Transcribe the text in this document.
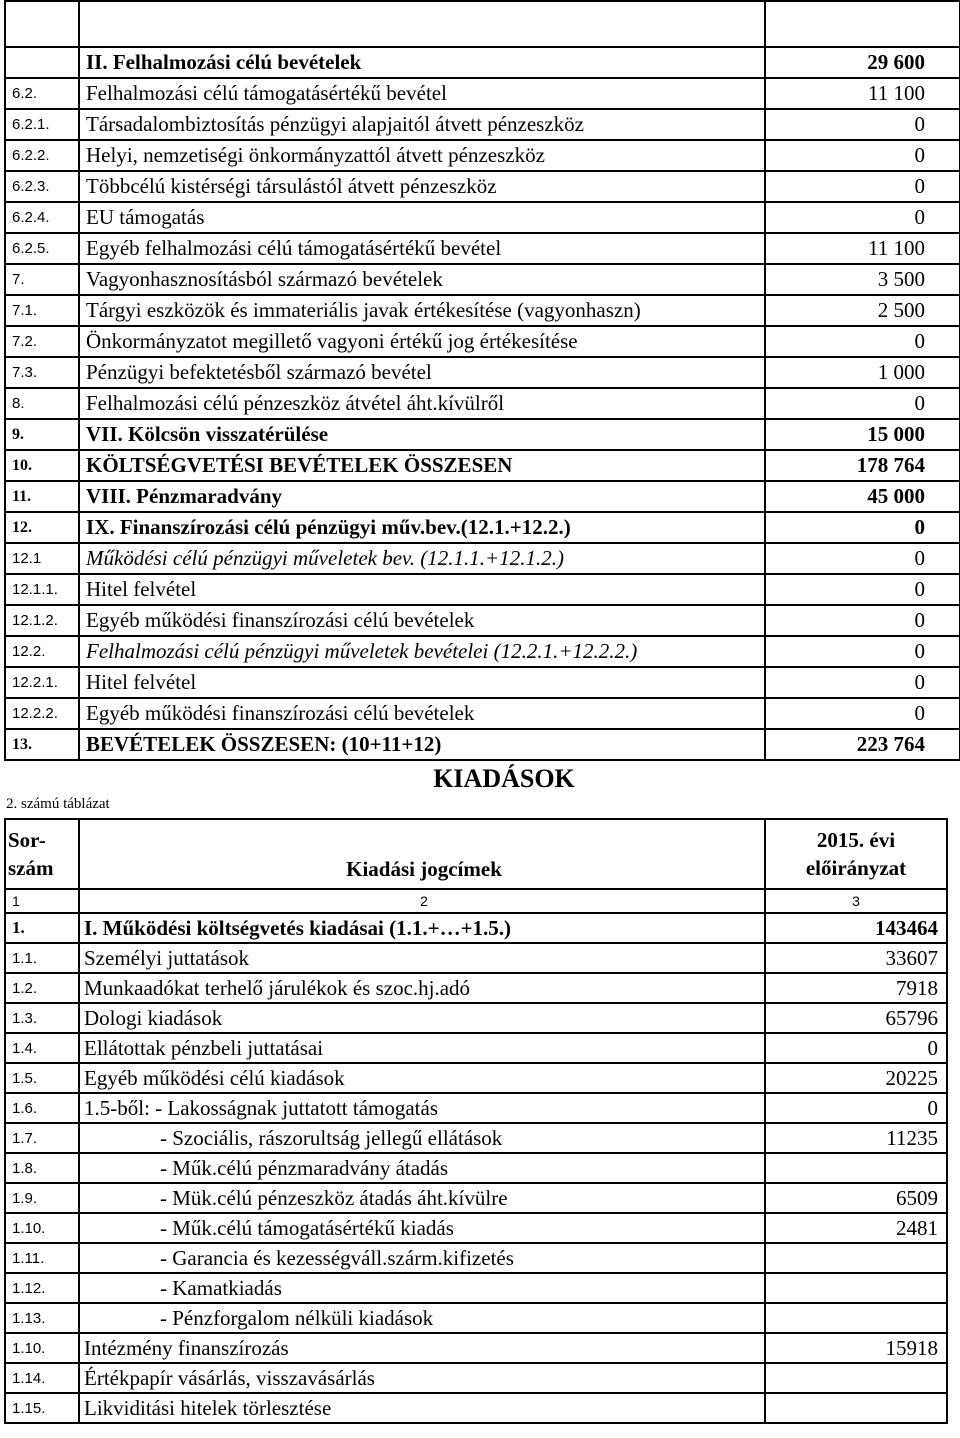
	II. Felhalmozási célú bevételek	29 600
6.2.	Felhalmozási célú támogatásértékű bevétel	11 100
6.2.1.	Társadalombiztosítás pénzügyi alapjaitól átvett pénzeszköz	0
6.2.2.	Helyi, nemzetiségi önkormányzattól átvett pénzeszköz	0
6.2.3.	Többcélú kistérségi társulástól átvett pénzeszköz	0
6.2.4.	EU támogatás	0
6.2.5.	Egyéb felhalmozási célú támogatásértékű bevétel	11 100
7.	Vagyonhasznosításból származó bevételek	3 500
7.1.	Tárgyi eszközök és immateriális javak értékesítése (vagyonhaszn)	2 500
7.2.	Önkormányzatot megillető vagyoni értékű jog értékesítése	0
7.3.	Pénzügyi befektetésből származó bevétel	1 000
8.	Felhalmozási célú pénzeszköz átvétel áht.kívülről	0
9.	VII. Kölcsön visszatérülése	15 000
10.	KÖLTSÉGVETÉSI BEVÉTELEK ÖSSZESEN	178 764
11.	VIII. Pénzmaradvány	45 000
12.	IX. Finanszírozási célú pénzügyi műv.bev.(12.1.+12.2.)	0
12.1	Működési célú pénzügyi műveletek bev. (12.1.1.+12.1.2.)	0
12.1.1.	Hitel felvétel	0
12.1.2.	Egyéb működési finanszírozási célú bevételek	0
12.2.	Felhalmozási célú pénzügyi műveletek bevételei (12.2.1.+12.2.2.)	0
12.2.1.	Hitel felvétel	0
12.2.2.	Egyéb működési finanszírozási célú bevételek	0
13.	BEVÉTELEK ÖSSZESEN: (10+11+12)	223 764
KIADÁSOK
2. számú táblázat
Sor-
szám	Kiadási jogcímek	2015. évi
előirányzat
1	2	3
1.	I. Működési költségvetés kiadásai (1.1.+…+1.5.)	143464
1.1.	Személyi juttatások	33607
1.2.	Munkaadókat terhelő járulékok és szoc.hj.adó	7918
1.3.	Dologi kiadások	65796
1.4.	Ellátottak pénzbeli juttatásai	0
1.5.	Egyéb működési célú kiadások	20225
1.6.	1.5-ből: - Lakosságnak juttatott támogatás	0
1.7.	- Szociális, rászorultság jellegű ellátások	11235
1.8.	- Műk.célú pénzmaradvány átadás	
1.9.	- Mük.célú pénzeszköz átadás áht.kívülre	6509
1.10.	- Műk.célú támogatásértékű kiadás	2481
1.11.	- Garancia és kezességváll.szárm.kifizetés	
1.12.	- Kamatkiadás	
1.13.	- Pénzforgalom nélküli kiadások	
1.10.	Intézmény finanszírozás	15918
1.14.	Értékpapír vásárlás, visszavásárlás	
1.15.	Likviditási hitelek törlesztése	
